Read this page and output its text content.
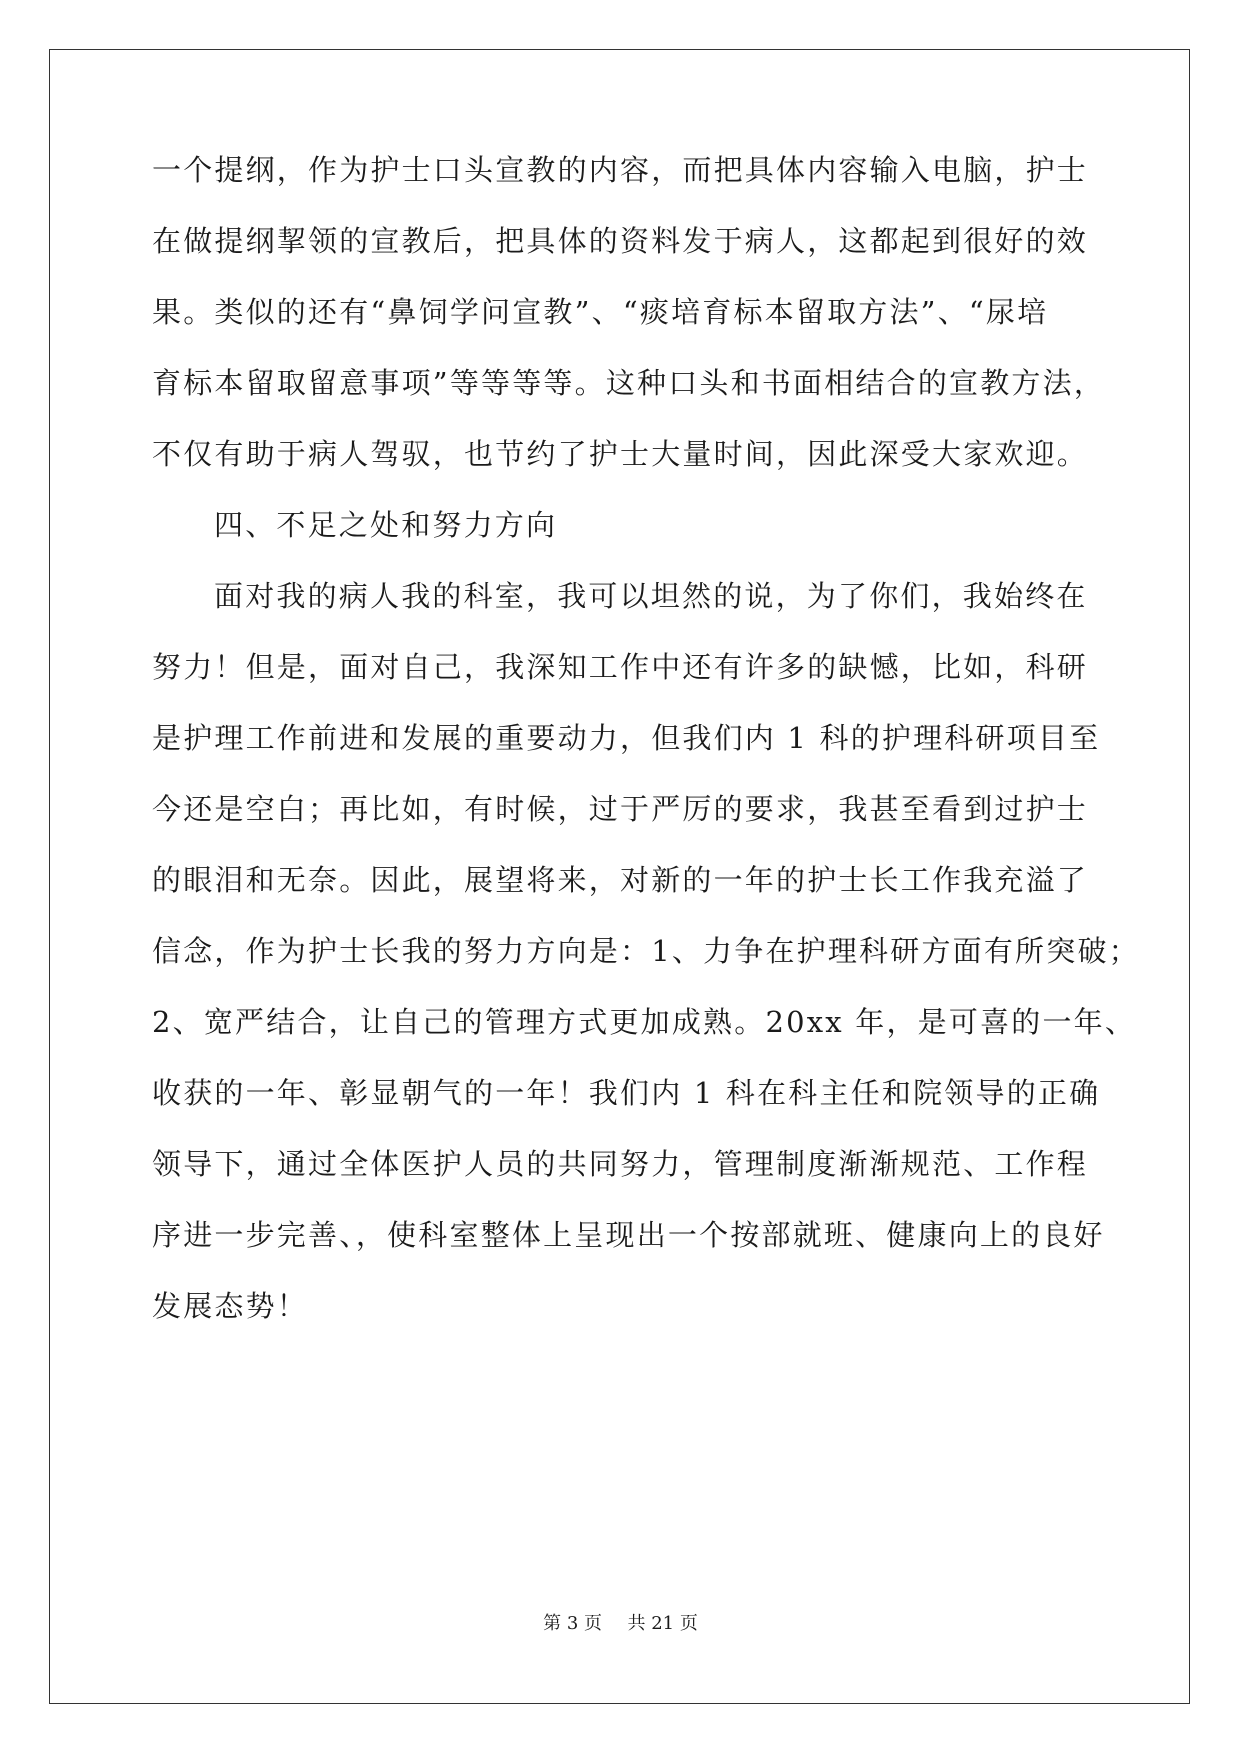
一个提纲，作为护士口头宣教的内容，而把具体内容输入电脑，护士
在做提纲挈领的宣教后，把具体的资料发于病人，这都起到很好的效
果。类似的还有“鼻饲学问宣教”、“痰培育标本留取方法”、“尿培
育标本留取留意事项”等等等等。这种口头和书面相结合的宣教方法，
不仅有助于病人驾驭，也节约了护士大量时间，因此深受大家欢迎。
四、不足之处和努力方向
面对我的病人我的科室，我可以坦然的说，为了你们，我始终在
努力！但是，面对自己，我深知工作中还有许多的缺憾，比如，科研
是护理工作前进和发展的重要动力，但我们内 1 科的护理科研项目至
今还是空白；再比如，有时候，过于严厉的要求，我甚至看到过护士
的眼泪和无奈。因此，展望将来，对新的一年的护士长工作我充溢了
信念，作为护士长我的努力方向是：1、力争在护理科研方面有所突破；
2、宽严结合，让自己的管理方式更加成熟。20xx 年，是可喜的一年、
收获的一年、彰显朝气的一年！我们内 1 科在科主任和院领导的正确
领导下，通过全体医护人员的共同努力，管理制度渐渐规范、工作程
序进一步完善、，使科室整体上呈现出一个按部就班、健康向上的良好
发展态势！
第 3 页 共 21 页
